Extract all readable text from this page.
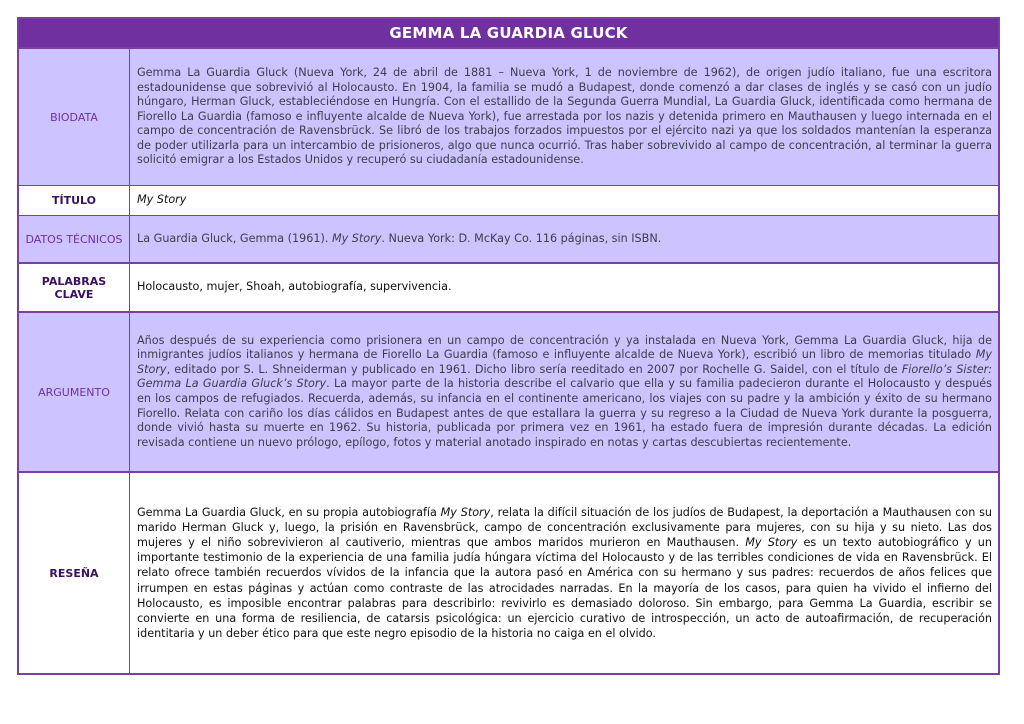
GEMMA LA GUARDIA GLUCK
BIODATA
Gemma La Guardia Gluck (Nueva York, 24 de abril de 1881 – Nueva York, 1 de noviembre de 1962), de origen judío italiano, fue una escritora estadounidense que sobrevivió al Holocausto. En 1904, la familia se mudó a Budapest, donde comenzó a dar clases de inglés y se casó con un judío húngaro, Herman Gluck, estableciéndose en Hungría. Con el estallido de la Segunda Guerra Mundial, La Guardia Gluck, identificada como hermana de Fiorello La Guardia (famoso e influyente alcalde de Nueva York), fue arrestada por los nazis y detenida primero en Mauthausen y luego internada en el campo de concentración de Ravensbrück. Se libró de los trabajos forzados impuestos por el ejército nazi ya que los soldados mantenían la esperanza de poder utilizarla para un intercambio de prisioneros, algo que nunca ocurrió. Tras haber sobrevivido al campo de concentración, al terminar la guerra solicitó emigrar a los Estados Unidos y recuperó su ciudadanía estadounidense.
TÍTULO	My Story
DATOS TÉCNICOS	La Guardia Gluck, Gemma (1961). My Story. Nueva York: D. McKay Co. 116 páginas, sin ISBN.
PALABRAS CLAVE
Holocausto, mujer, Shoah, autobiografía, supervivencia.
ARGUMENTO
Años después de su experiencia como prisionera en un campo de concentración y ya instalada en Nueva York, Gemma La Guardia Gluck, hija de inmigrantes judíos italianos y hermana de Fiorello La Guardia (famoso e influyente alcalde de Nueva York), escribió un libro de memorias titulado My Story, editado por S. L. Shneiderman y publicado en 1961. Dicho libro sería reeditado en 2007 por Rochelle G. Saidel, con el título de Fiorello’s Sister: Gemma La Guardia Gluck’s Story. La mayor parte de la historia describe el calvario que ella y su familia padecieron durante el Holocausto y después en los campos de refugiados. Recuerda, además, su infancia en el continente americano, los viajes con su padre y la ambición y éxito de su hermano Fiorello. Relata con cariño los días cálidos en Budapest antes de que estallara la guerra y su regreso a la Ciudad de Nueva York durante la posguerra, donde vivió hasta su muerte en 1962. Su historia, publicada por primera vez en 1961, ha estado fuera de impresión durante décadas. La edición revisada contiene un nuevo prólogo, epílogo, fotos y material anotado inspirado en notas y cartas descubiertas recientemente.
RESEÑA
Gemma La Guardia Gluck, en su propia autobiografía My Story, relata la difícil situación de los judíos de Budapest, la deportación a Mauthausen con su marido Herman Gluck y, luego, la prisión en Ravensbrück, campo de concentración exclusivamente para mujeres, con su hija y su nieto. Las dos mujeres y el niño sobrevivieron al cautiverio, mientras que ambos maridos murieron en Mauthausen. My Story es un texto autobiográfico y un importante testimonio de la experiencia de una familia judía húngara víctima del Holocausto y de las terribles condiciones de vida en Ravensbrück. El relato ofrece también recuerdos vívidos de la infancia que la autora pasó en América con su hermano y sus padres: recuerdos de años felices que irrumpen en estas páginas y actúan como contraste de las atrocidades narradas. En la mayoría de los casos, para quien ha vivido el infierno del Holocausto, es imposible encontrar palabras para describirlo: revivirlo es demasiado doloroso. Sin embargo, para Gemma La Guardia, escribir se convierte en una forma de resiliencia, de catarsis psicológica: un ejercicio curativo de introspección, un acto de autoafirmación, de recuperación identitaria y un deber ético para que este negro episodio de la historia no caiga en el olvido.
